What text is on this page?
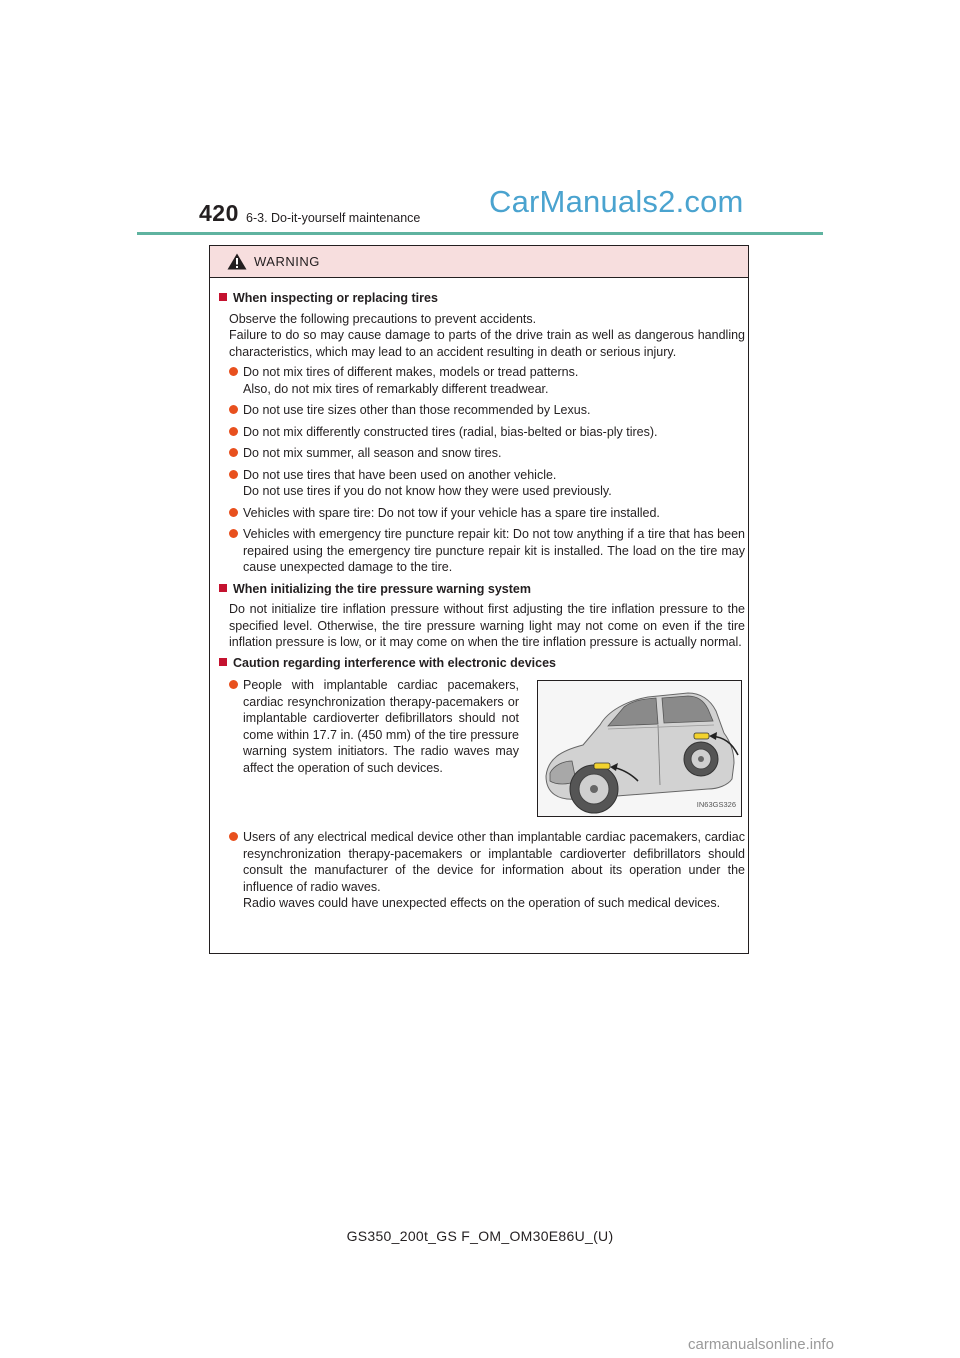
420 6-3. Do-it-yourself maintenance CarManuals2.com
WARNING
When inspecting or replacing tires
Observe the following precautions to prevent accidents.
Failure to do so may cause damage to parts of the drive train as well as dangerous handling characteristics, which may lead to an accident resulting in death or serious injury.
Do not mix tires of different makes, models or tread patterns.
Also, do not mix tires of remarkably different treadwear.
Do not use tire sizes other than those recommended by Lexus.
Do not mix differently constructed tires (radial, bias-belted or bias-ply tires).
Do not mix summer, all season and snow tires.
Do not use tires that have been used on another vehicle.
Do not use tires if you do not know how they were used previously.
Vehicles with spare tire: Do not tow if your vehicle has a spare tire installed.
Vehicles with emergency tire puncture repair kit: Do not tow anything if a tire that has been repaired using the emergency tire puncture repair kit is installed. The load on the tire may cause unexpected damage to the tire.
When initializing the tire pressure warning system
Do not initialize tire inflation pressure without first adjusting the tire inflation pressure to the specified level. Otherwise, the tire pressure warning light may not come on even if the tire inflation pressure is low, or it may come on when the tire inflation pressure is actually normal.
Caution regarding interference with electronic devices
People with implantable cardiac pacemakers, cardiac resynchronization therapy-pacemakers or implantable cardioverter defibrillators should not come within 17.7 in. (450 mm) of the tire pressure warning system initiators. The radio waves may affect the operation of such devices.
IN63GS326
Users of any electrical medical device other than implantable cardiac pacemakers, cardiac resynchronization therapy-pacemakers or implantable cardioverter defibrillators should consult the manufacturer of the device for information about its operation under the influence of radio waves.
Radio waves could have unexpected effects on the operation of such medical devices.
GS350_200t_GS F_OM_OM30E86U_(U)
carmanualsonline.info
